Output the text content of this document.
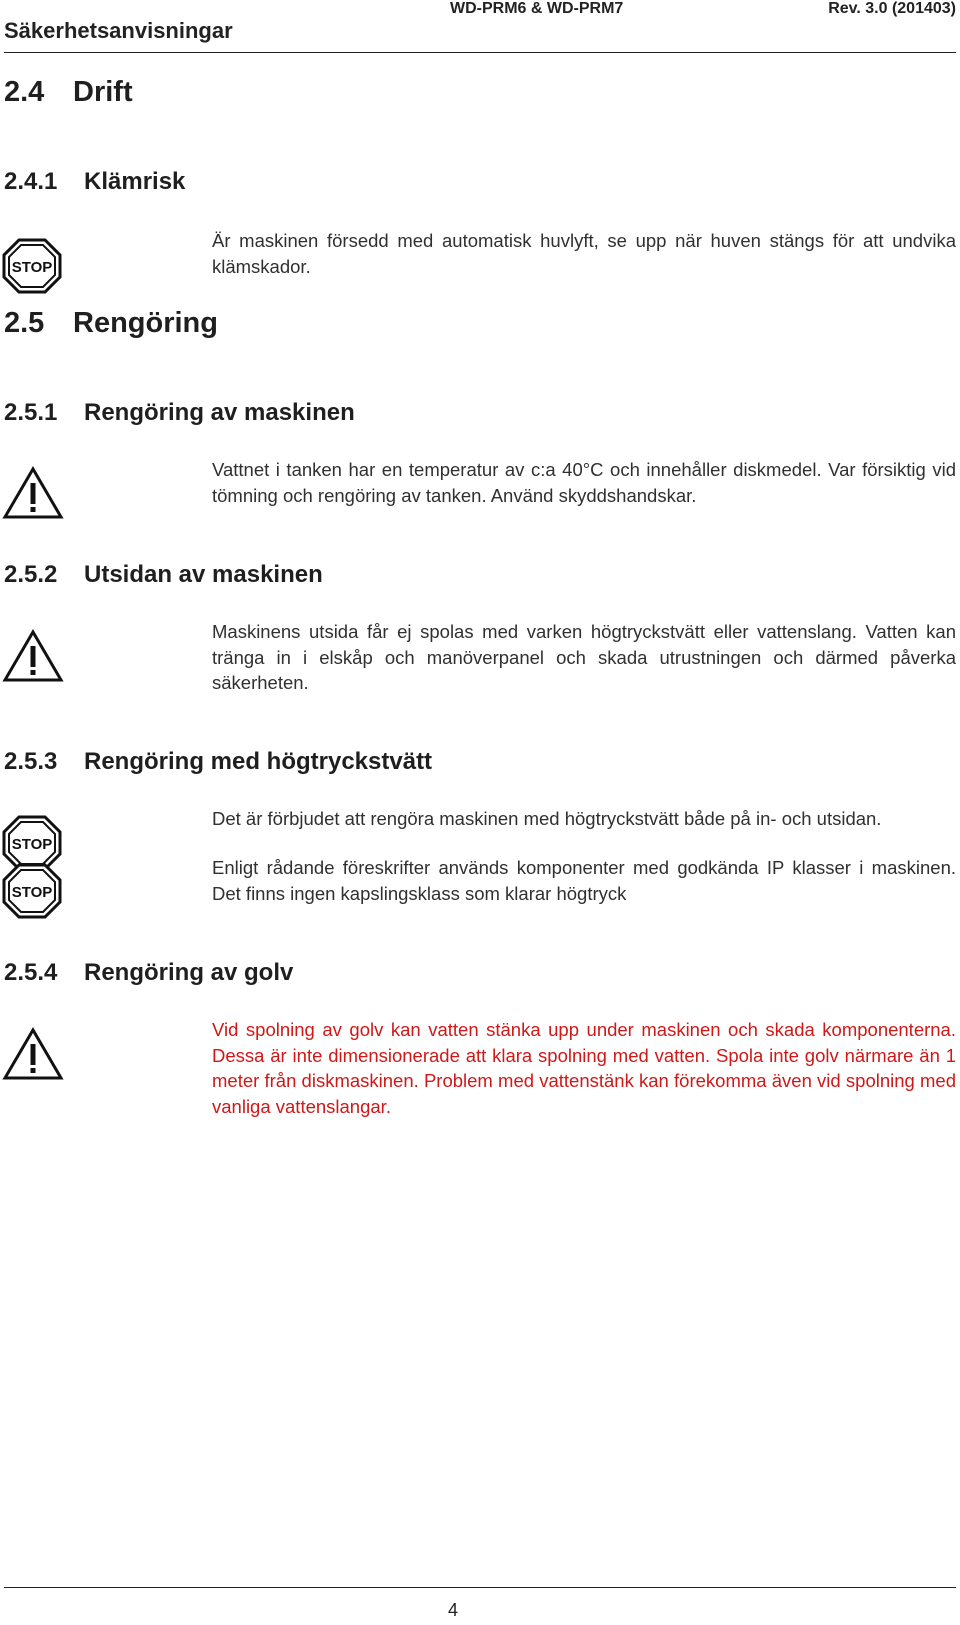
Säkerhetsanvisningar
WD-PRM6 & WD-PRM7	Rev. 3.0 (201403)
2.4 Drift
2.4.1 Klämrisk
STOP

Är maskinen försedd med automatisk huvlyft, se upp när huven stängs för att undvika klämskador.

2.5 Rengöring
2.5.1 Rengöring av maskinen

Vattnet i tanken har en temperatur av c:a 40°C och innehåller diskmedel. Var försiktig vid tömning och rengöring av tanken. Använd skyddshandskar.

2.5.2 Utsidan av maskinen

Maskinens utsida får ej spolas med varken högtryckstvätt eller vattenslang. Vatten kan tränga in i elskåp och manöverpanel och skada utrustningen och därmed påverka säkerheten.

2.5.3 Rengöring med högtryckstvätt
STOP
STOP

Det är förbjudet att rengöra maskinen med högtryckstvätt både på in- och utsidan.

Enligt rådande föreskrifter används komponenter med godkända IP klasser i maskinen. Det finns ingen kapslingsklass som klarar högtryck

2.5.4 Rengöring av golv

Vid spolning av golv kan vatten stänka upp under maskinen och skada komponenterna. Dessa är inte dimensionerade att klara spolning med vatten. Spola inte golv närmare än 1 meter från diskmaskinen. Problem med vattenstänk kan förekomma även vid spolning med vanliga vattenslangar.

4
